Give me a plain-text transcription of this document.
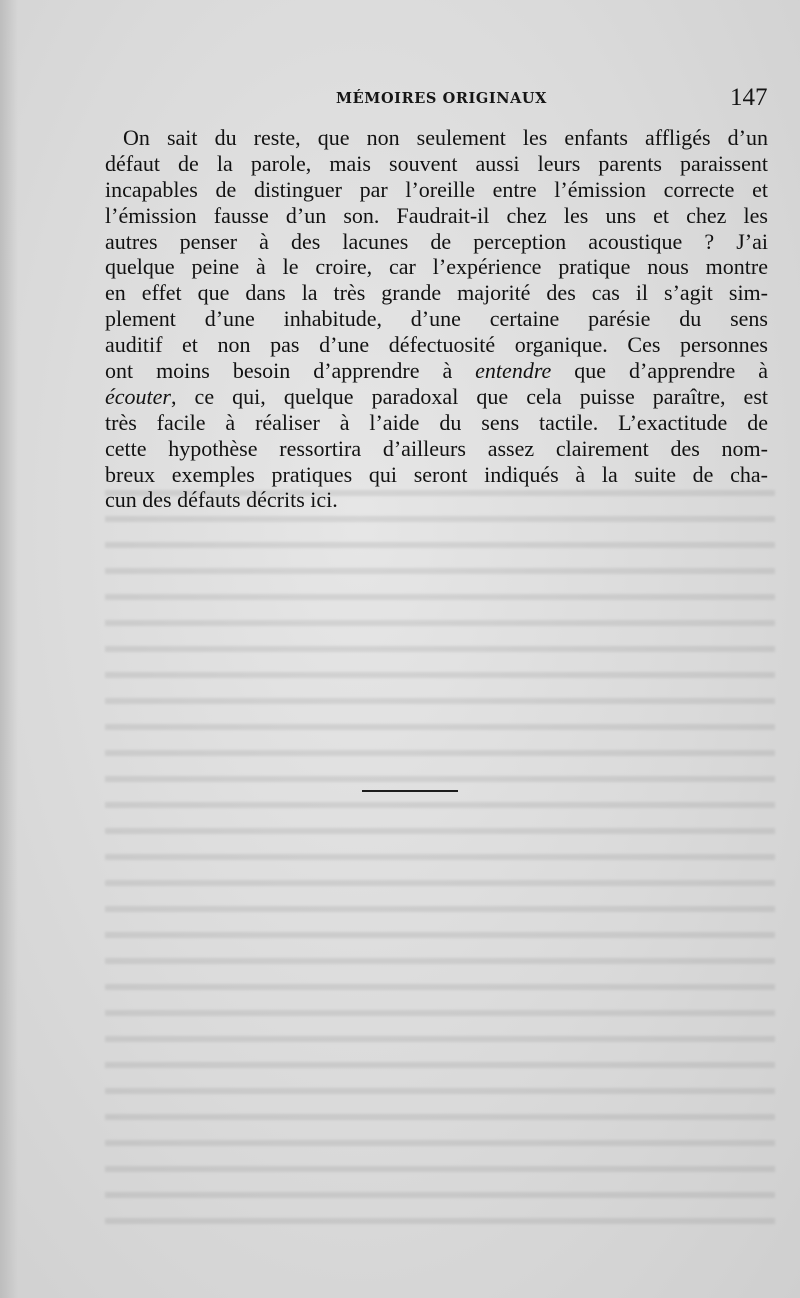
MÉMOIRES ORIGINAUX	147
On sait du reste, que non seulement les enfants affligés d’un
défaut de la parole, mais souvent aussi leurs parents paraissent
incapables de distinguer par l’oreille entre l’émission correcte et
l’émission fausse d’un son. Faudrait-il chez les uns et chez les
autres penser à des lacunes de perception acoustique ? J’ai
quelque peine à le croire, car l’expérience pratique nous montre
en effet que dans la très grande majorité des cas il s’agit sim-
plement d’une inhabitude, d’une certaine parésie du sens
auditif et non pas d’une défectuosité organique. Ces personnes
ont moins besoin d’apprendre à entendre que d’apprendre à
écouter, ce qui, quelque paradoxal que cela puisse paraître, est
très facile à réaliser à l’aide du sens tactile. L’exactitude de
cette hypothèse ressortira d’ailleurs assez clairement des nom-
breux exemples pratiques qui seront indiqués à la suite de cha-
cun des défauts décrits ici.
